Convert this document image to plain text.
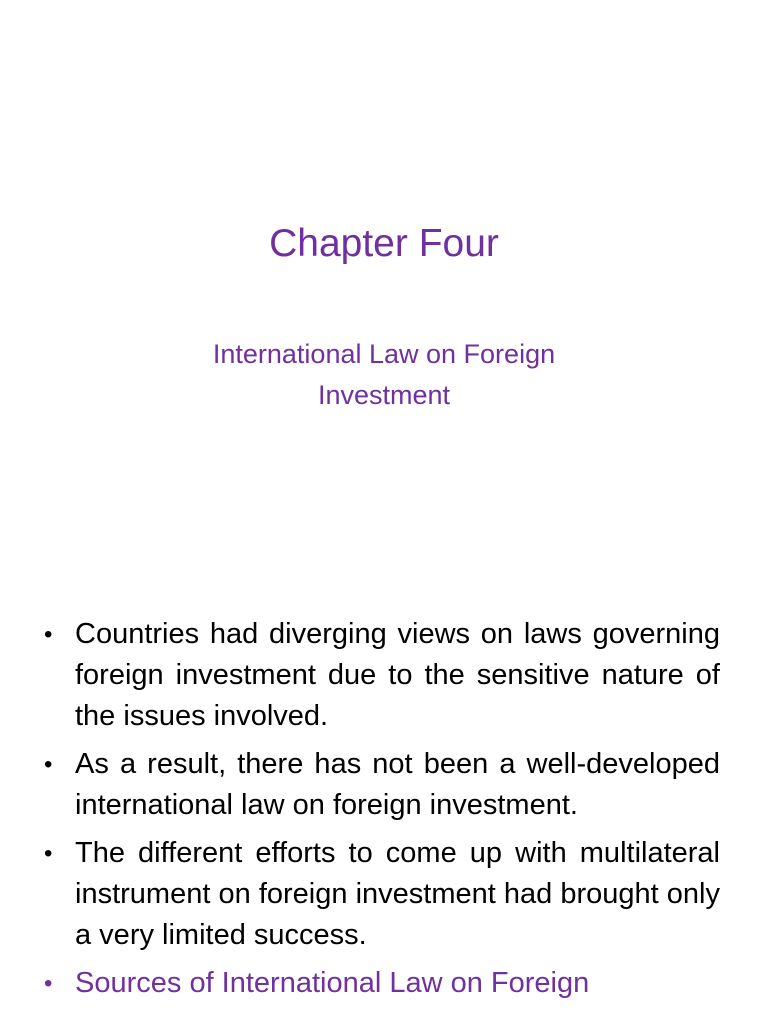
Chapter Four

International Law on Foreign Investment

• Countries had diverging views on laws governing foreign investment due to the sensitive nature of the issues involved.
• As a result, there has not been a well-developed international law on foreign investment.
• The different efforts to come up with multilateral instrument on foreign investment had brought only a very limited success.
• Sources of International Law on Foreign
